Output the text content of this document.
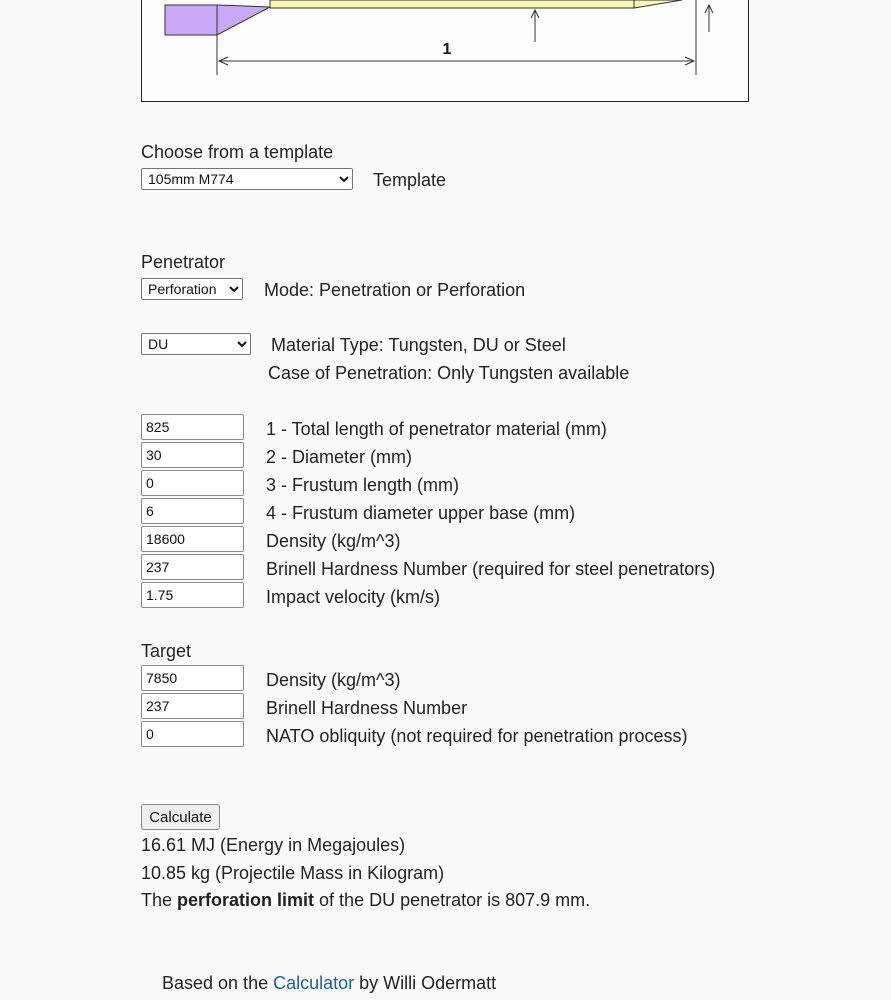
1
Choose from a template
105mm M774
Template
Penetrator
Perforation
Mode: Penetration or Perforation
DU
Material Type: Tungsten, DU or Steel
Case of Penetration: Only Tungsten available
825
1 - Total length of penetrator material (mm)
30
2 - Diameter (mm)
0
3 - Frustum length (mm)
6
4 - Frustum diameter upper base (mm)
18600
Density (kg/m^3)
237
Brinell Hardness Number (required for steel penetrators)
1.75
Impact velocity (km/s)
Target
7850
Density (kg/m^3)
237
Brinell Hardness Number
0
NATO obliquity (not required for penetration process)
Calculate
16.61 MJ (Energy in Megajoules)
10.85 kg (Projectile Mass in Kilogram)
The perforation limit of the DU penetrator is 807.9 mm.
Based on the Calculator by Willi Odermatt
